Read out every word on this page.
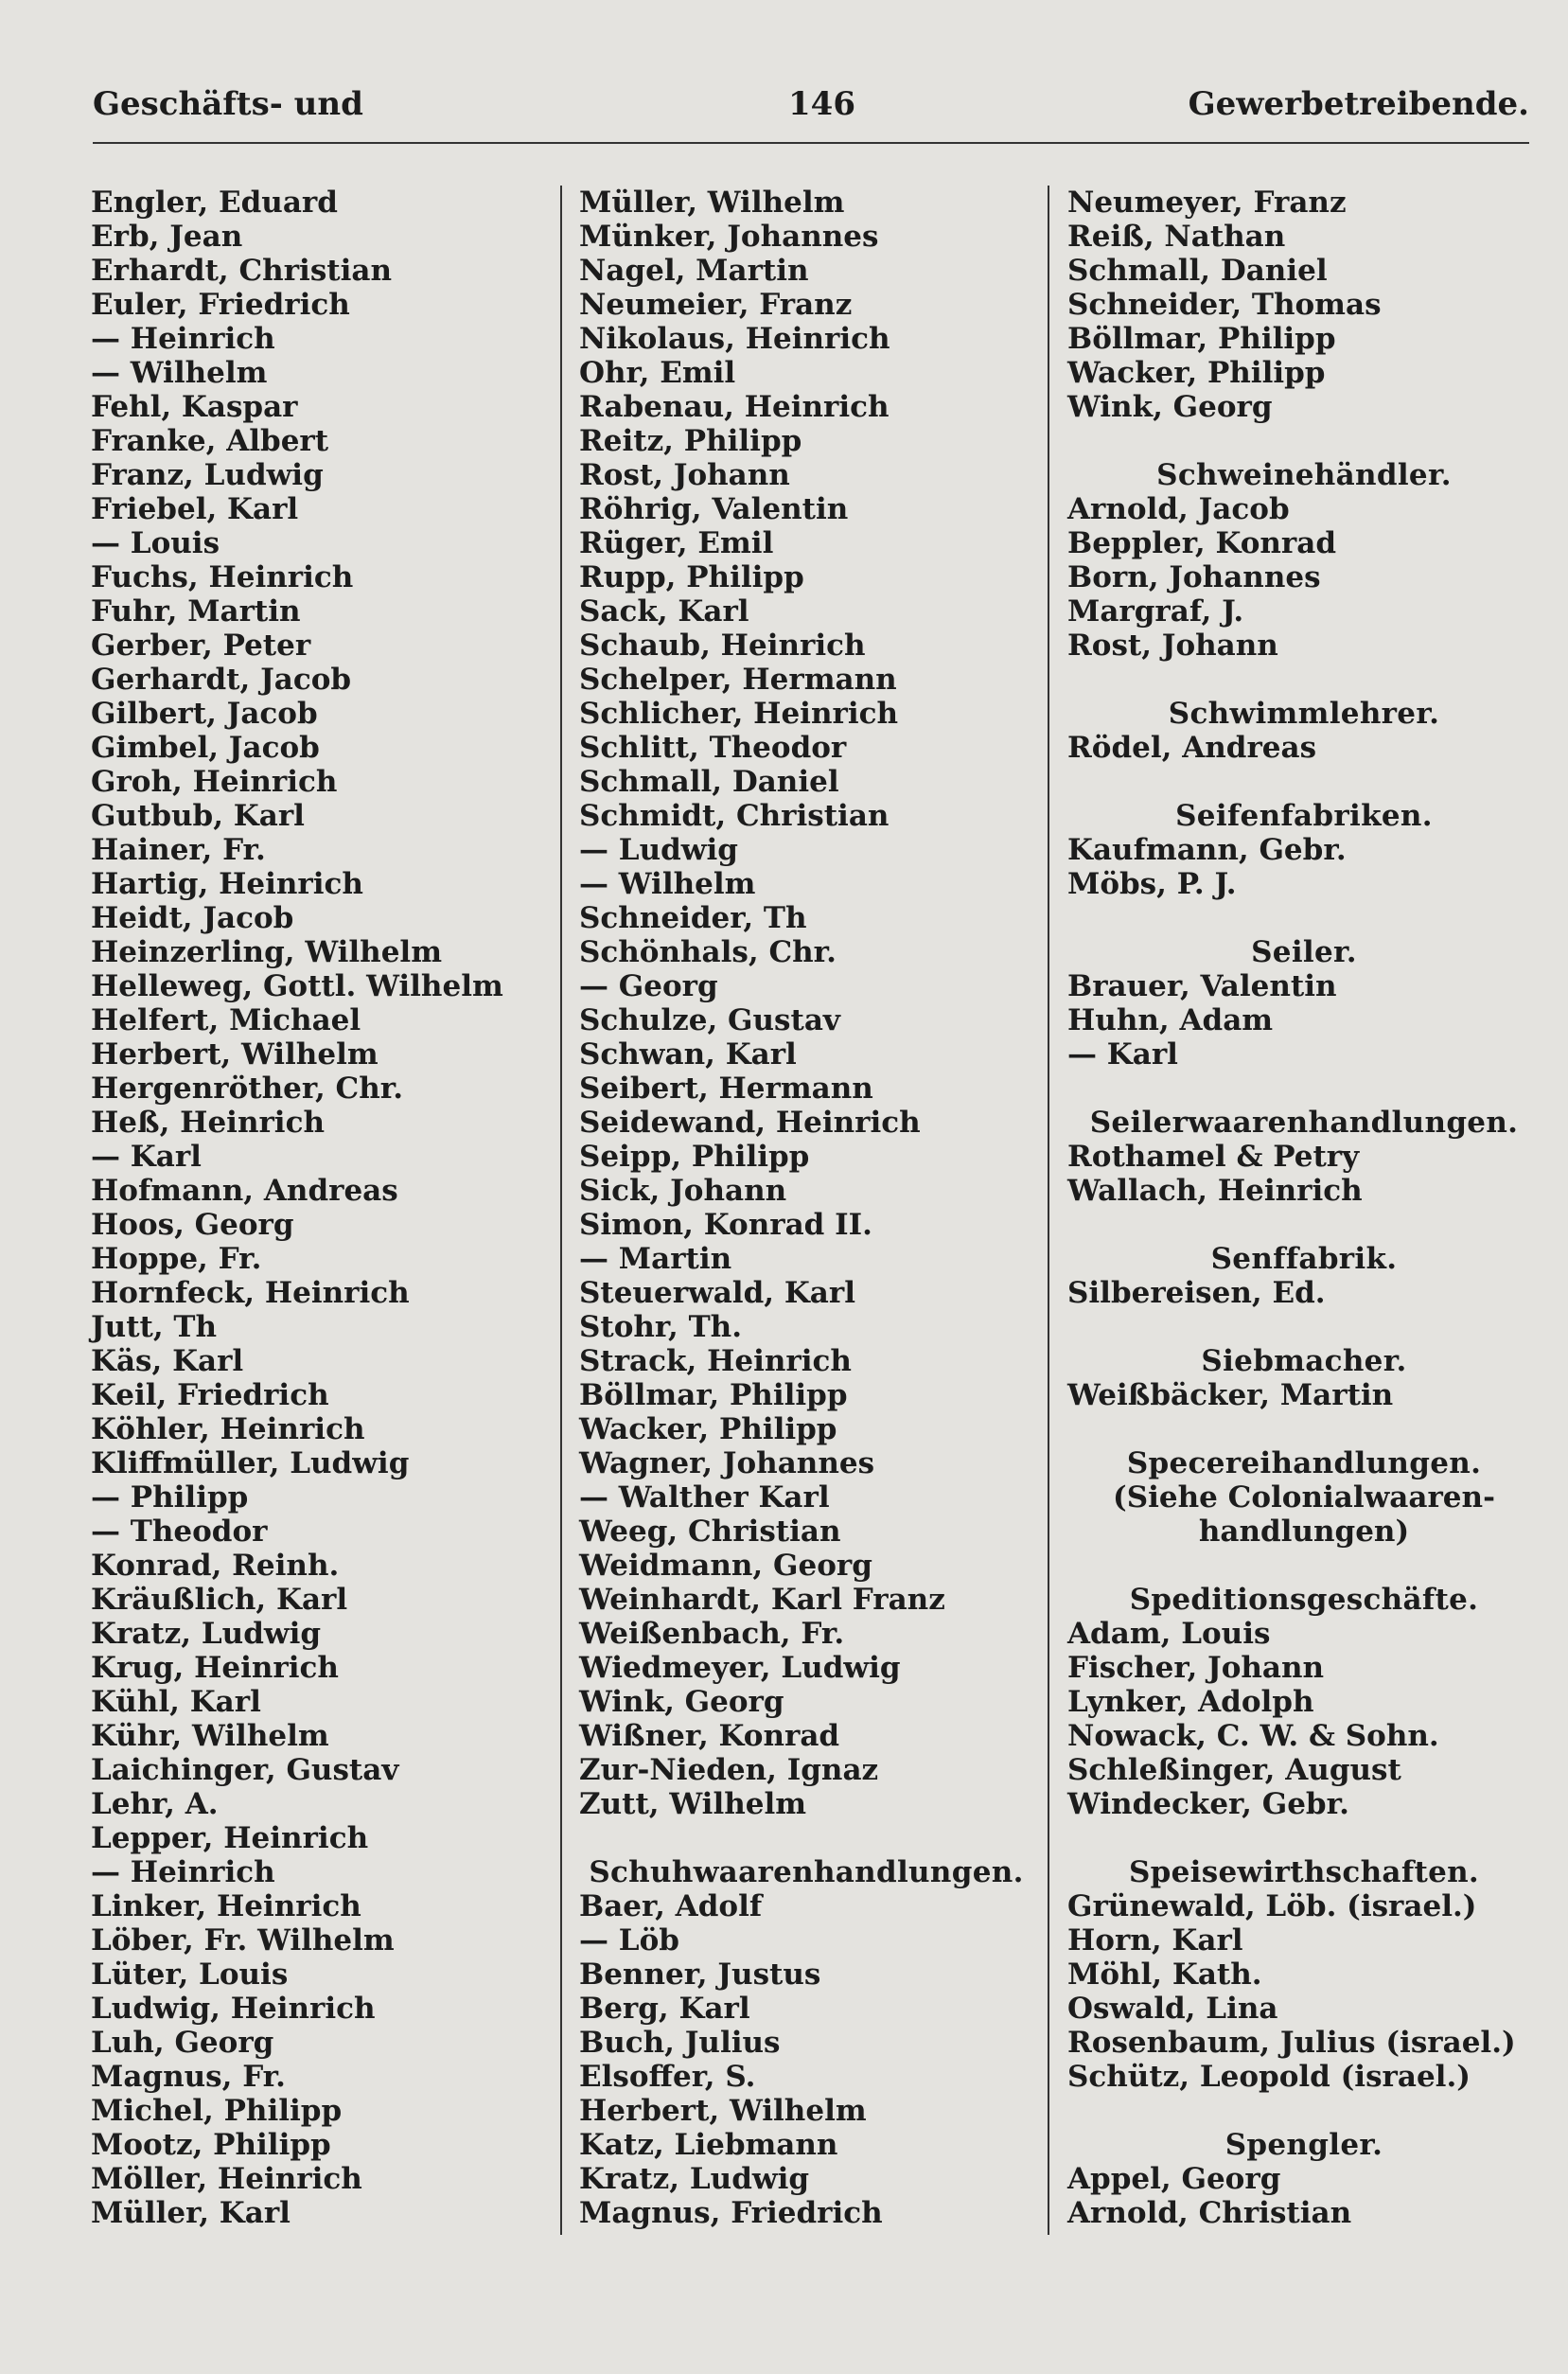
Geschäfts- und	146	Gewerbetreibende.
Engler, Eduard
Erb, Jean
Erhardt, Christian
Euler, Friedrich
— Heinrich
— Wilhelm
Fehl, Kaspar
Franke, Albert
Franz, Ludwig
Friebel, Karl
— Louis
Fuchs, Heinrich
Fuhr, Martin
Gerber, Peter
Gerhardt, Jacob
Gilbert, Jacob
Gimbel, Jacob
Groh, Heinrich
Gutbub, Karl
Hainer, Fr.
Hartig, Heinrich
Heidt, Jacob
Heinzerling, Wilhelm
Helleweg, Gottl. Wilhelm
Helfert, Michael
Herbert, Wilhelm
Hergenröther, Chr.
Heß, Heinrich
— Karl
Hofmann, Andreas
Hoos, Georg
Hoppe, Fr.
Hornfeck, Heinrich
Jutt, Th
Käs, Karl
Keil, Friedrich
Köhler, Heinrich
Kliffmüller, Ludwig
— Philipp
— Theodor
Konrad, Reinh.
Kräußlich, Karl
Kratz, Ludwig
Krug, Heinrich
Kühl, Karl
Kühr, Wilhelm
Laichinger, Gustav
Lehr, A.
Lepper, Heinrich
— Heinrich
Linker, Heinrich
Löber, Fr. Wilhelm
Lüter, Louis
Ludwig, Heinrich
Luh, Georg
Magnus, Fr.
Michel, Philipp
Mootz, Philipp
Möller, Heinrich
Müller, Karl
Müller, Wilhelm
Münker, Johannes
Nagel, Martin
Neumeier, Franz
Nikolaus, Heinrich
Ohr, Emil
Rabenau, Heinrich
Reitz, Philipp
Rost, Johann
Röhrig, Valentin
Rüger, Emil
Rupp, Philipp
Sack, Karl
Schaub, Heinrich
Schelper, Hermann
Schlicher, Heinrich
Schlitt, Theodor
Schmall, Daniel
Schmidt, Christian
— Ludwig
— Wilhelm
Schneider, Th
Schönhals, Chr.
— Georg
Schulze, Gustav
Schwan, Karl
Seibert, Hermann
Seidewand, Heinrich
Seipp, Philipp
Sick, Johann
Simon, Konrad II.
— Martin
Steuerwald, Karl
Stohr, Th.
Strack, Heinrich
Böllmar, Philipp
Wacker, Philipp
Wagner, Johannes
— Walther Karl
Weeg, Christian
Weidmann, Georg
Weinhardt, Karl Franz
Weißenbach, Fr.
Wiedmeyer, Ludwig
Wink, Georg
Wißner, Konrad
Zur-Nieden, Ignaz
Zutt, Wilhelm
Schuhwaarenhandlungen.
Baer, Adolf
— Löb
Benner, Justus
Berg, Karl
Buch, Julius
Elsoffer, S.
Herbert, Wilhelm
Katz, Liebmann
Kratz, Ludwig
Magnus, Friedrich
Neumeyer, Franz
Reiß, Nathan
Schmall, Daniel
Schneider, Thomas
Böllmar, Philipp
Wacker, Philipp
Wink, Georg
Schweinehändler.
Arnold, Jacob
Beppler, Konrad
Born, Johannes
Margraf, J.
Rost, Johann
Schwimmlehrer.
Rödel, Andreas
Seifenfabriken.
Kaufmann, Gebr.
Möbs, P. J.
Seiler.
Brauer, Valentin
Huhn, Adam
— Karl
Seilerwaarenhandlungen.
Rothamel & Petry
Wallach, Heinrich
Senffabrik.
Silbereisen, Ed.
Siebmacher.
Weißbäcker, Martin
Specereihandlungen.
(Siehe Colonialwaaren-
handlungen)
Speditionsgeschäfte.
Adam, Louis
Fischer, Johann
Lynker, Adolph
Nowack, C. W. & Sohn.
Schleßinger, August
Windecker, Gebr.
Speisewirthschaften.
Grünewald, Löb. (israel.)
Horn, Karl
Möhl, Kath.
Oswald, Lina
Rosenbaum, Julius (israel.)
Schütz, Leopold (israel.)
Spengler.
Appel, Georg
Arnold, Christian
